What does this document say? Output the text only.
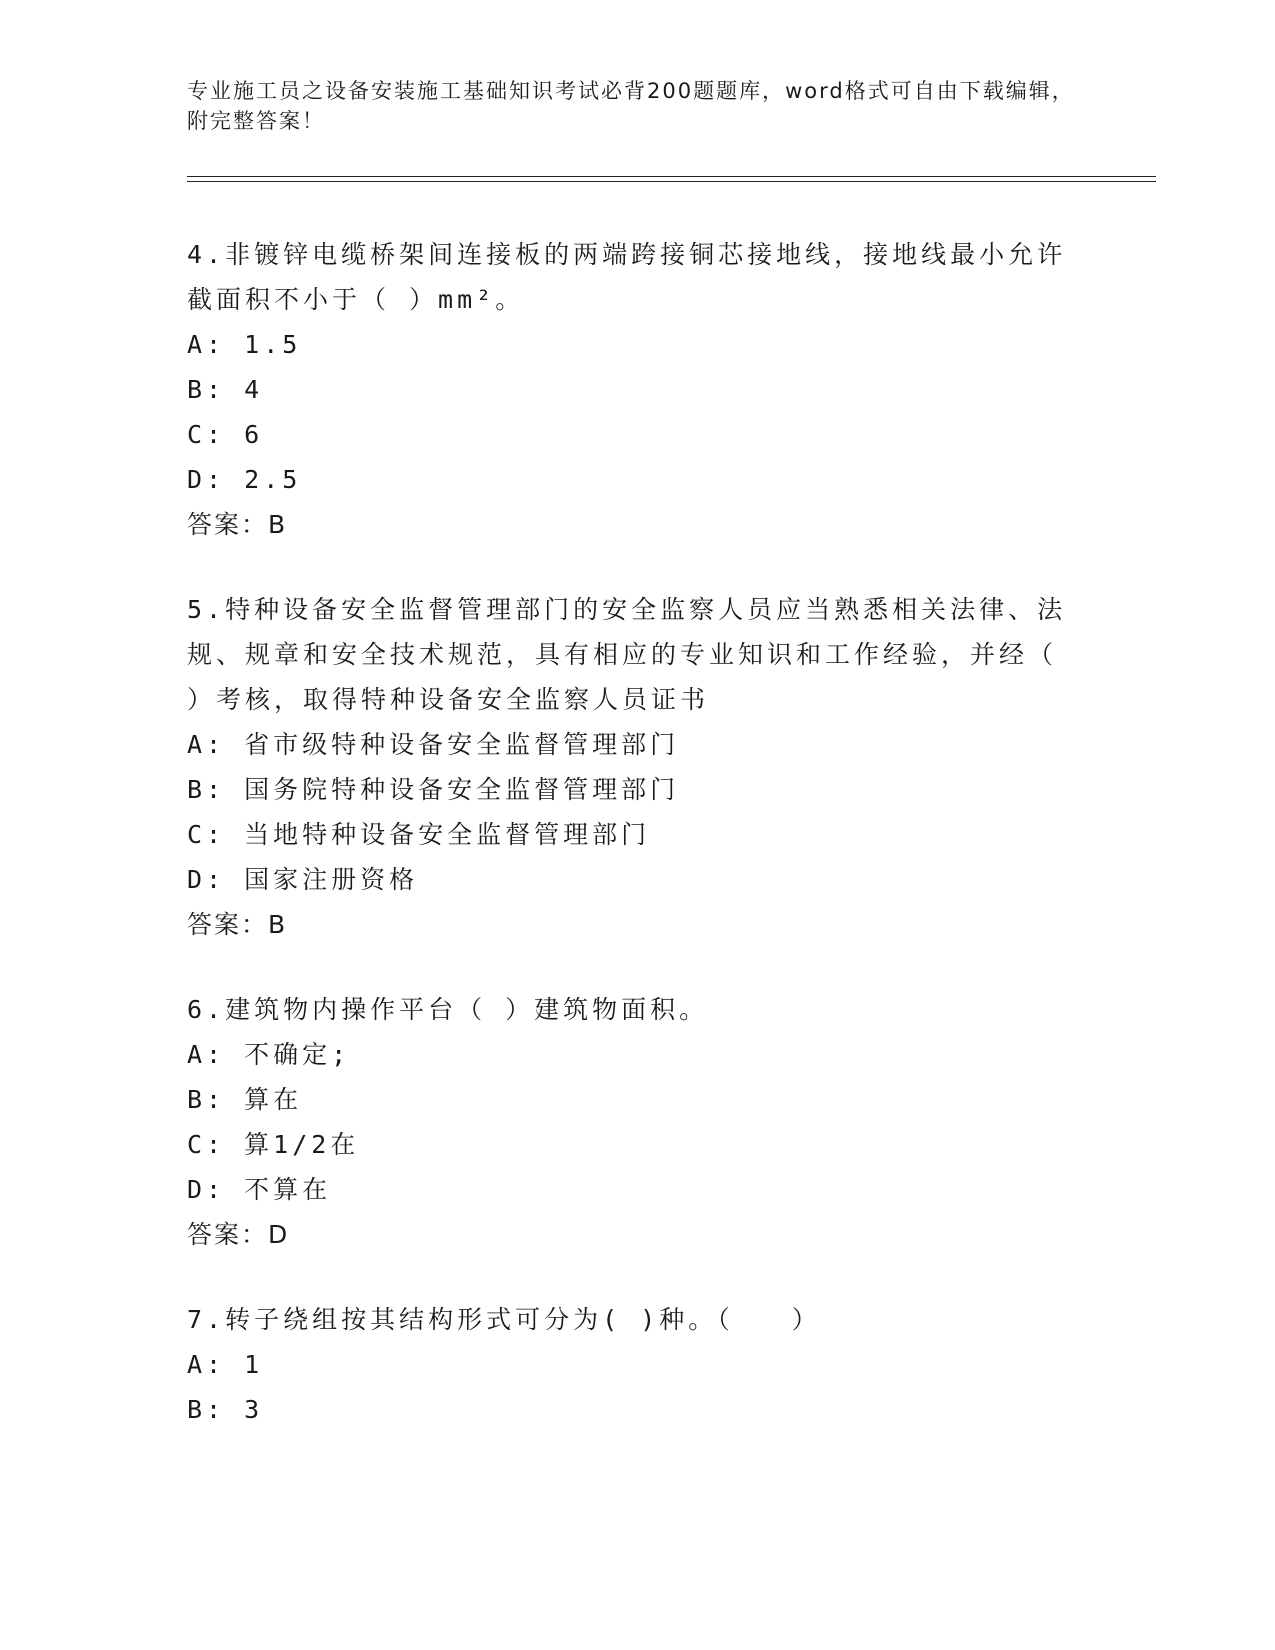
专业施工员之设备安装施工基础知识考试必背200题题库，word格式可自由下载编辑，附完整答案！
4.非镀锌电缆桥架间连接板的两端跨接铜芯接地线，接地线最小允许截面积不小于（ ）mm²。
A: 1.5
B: 4
C: 6
D: 2.5
答案：B
5.特种设备安全监督管理部门的安全监察人员应当熟悉相关法律、法规、规章和安全技术规范，具有相应的专业知识和工作经验，并经（ ）考核，取得特种设备安全监察人员证书
A: 省市级特种设备安全监督管理部门
B: 国务院特种设备安全监督管理部门
C: 当地特种设备安全监督管理部门
D: 国家注册资格
答案：B
6.建筑物内操作平台（ ）建筑物面积。
A: 不确定;
B: 算在
C: 算1/2在
D: 不算在
答案：D
7.转子绕组按其结构形式可分为( )种。（　　）
A: 1
B: 3
